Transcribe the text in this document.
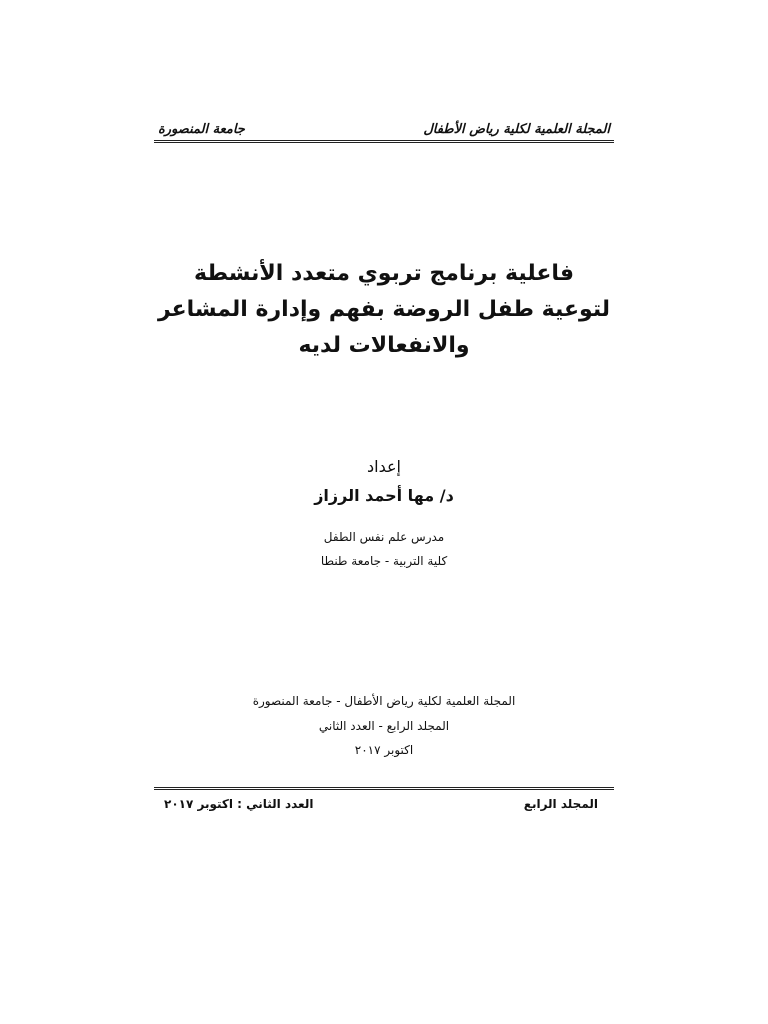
المجلة العلمية لكلية رياض الأطفال
جامعة المنصورة
فاعلية برنامج تربوي متعدد الأنشطة
لتوعية طفل الروضة بفهم وإدارة المشاعر
والانفعالات لديه
إعداد
د/ مها أحمد الرزاز
مدرس علم نفس الطفل
كلية التربية - جامعة طنطا
المجلة العلمية لكلية رياض الأطفال - جامعة المنصورة
المجلد الرابع - العدد الثاني
اكتوبر ٢٠١٧
المجلد الرابع
العدد الثاني : اكتوبر ٢٠١٧
